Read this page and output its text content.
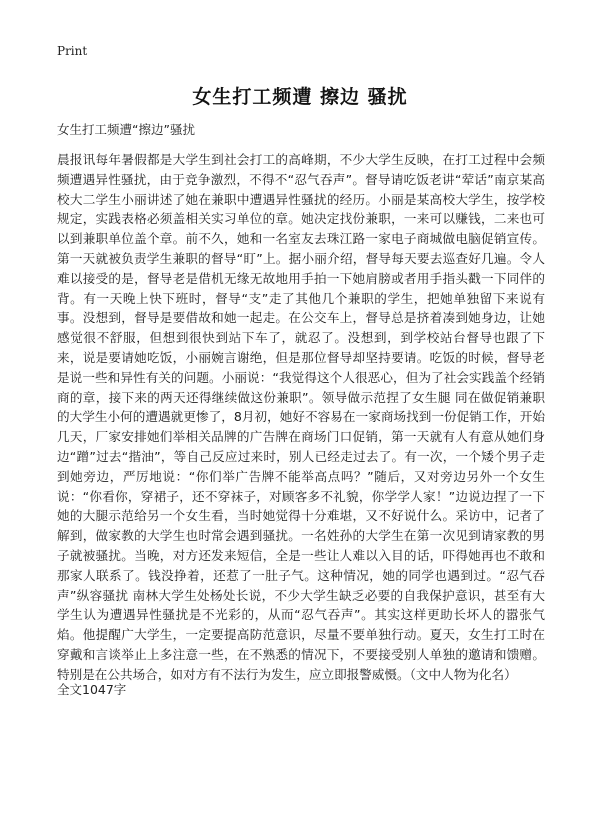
Print
女生打工频遭 擦边 骚扰
女生打工频遭“擦边”骚扰

晨报讯每年暑假都是大学生到社会打工的高峰期，不少大学生反映，在打工过程中会频频遭遇异性骚扰，由于竞争激烈，不得不“忍气吞声”。督导请吃饭老讲“荤话”南京某高校大二学生小丽讲述了她在兼职中遭遇异性骚扰的经历。小丽是某高校大学生，按学校规定，实践表格必须盖相关实习单位的章。她决定找份兼职，一来可以赚钱，二来也可以到兼职单位盖个章。前不久，她和一名室友去珠江路一家电子商城做电脑促销宣传。第一天就被负责学生兼职的督导“盯”上。据小丽介绍，督导每天要去巡查好几遍。令人难以接受的是，督导老是借机无缘无故地用手拍一下她肩膀或者用手指头戳一下同伴的背。有一天晚上快下班时，督导“支”走了其他几个兼职的学生，把她单独留下来说有事。没想到，督导是要借故和她一起走。在公交车上，督导总是挤着凑到她身边，让她感觉很不舒服，但想到很快到站下车了，就忍了。没想到，到学校站台督导也跟了下来，说是要请她吃饭，小丽婉言谢绝，但是那位督导却坚持要请。吃饭的时候，督导老是说一些和异性有关的问题。小丽说：“我觉得这个人很恶心，但为了社会实践盖个经销商的章，接下来的两天还得继续做这份兼职”。领导做示范捏了女生腿 同在做促销兼职的大学生小何的遭遇就更惨了，8月初，她好不容易在一家商场找到一份促销工作，开始几天，厂家安排她们举相关品牌的广告牌在商场门口促销，第一天就有人有意从她们身边“蹭”过去“揩油”，等自己反应过来时，别人已经走过去了。有一次，一个矮个男子走到她旁边，严厉地说：“你们举广告牌不能举高点吗？”随后，又对旁边另外一个女生说：“你看你，穿裙子，还不穿袜子，对顾客多不礼貌，你学学人家！”边说边捏了一下她的大腿示范给另一个女生看，当时她觉得十分难堪，又不好说什么。采访中，记者了解到，做家教的大学生也时常会遇到骚扰。一名姓孙的大学生在第一次见到请家教的男子就被骚扰。当晚，对方还发来短信，全是一些让人难以入目的话，吓得她再也不敢和那家人联系了。钱没挣着，还惹了一肚子气。这种情况，她的同学也遇到过。“忍气吞声”纵容骚扰 南林大学生处杨处长说，不少大学生缺乏必要的自我保护意识，甚至有大学生认为遭遇异性骚扰是不光彩的，从而“忍气吞声”。其实这样更助长坏人的嚣张气焰。他提醒广大学生，一定要提高防范意识，尽量不要单独行动。夏天，女生打工时在穿戴和言谈举止上多注意一些，在不熟悉的情况下，不要接受别人单独的邀请和馈赠。特别是在公共场合，如对方有不法行为发生，应立即报警威慑。（文中人物为化名）

全文1047字
